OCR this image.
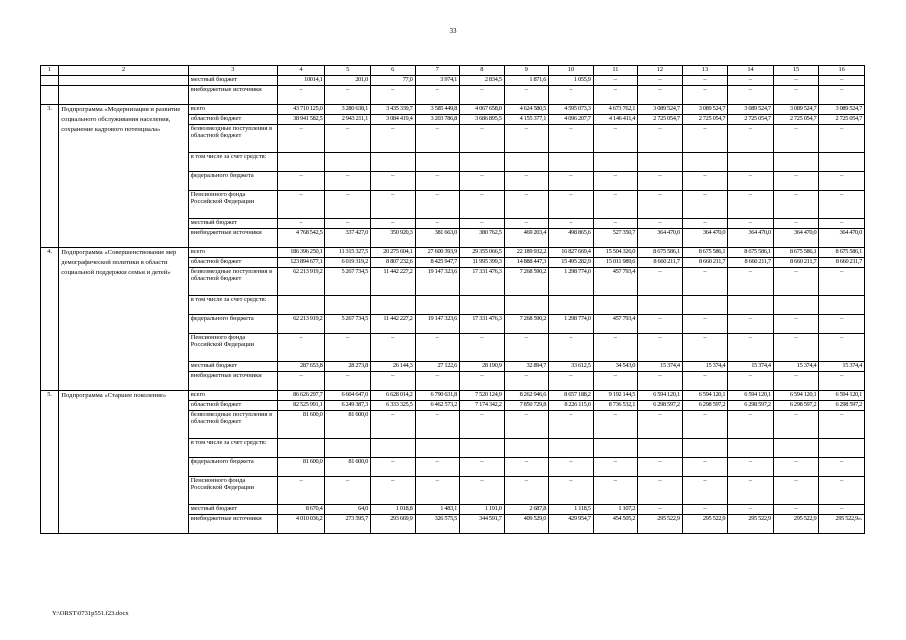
33
1	2	3	4	5	6	7	8	9	10	11	12	13	14	15	16
		местный бюджет	10014,1	201,0	77,0	3 974,1	2 834,5	1 871,6	1 055,9	–	–	–	–	–	–
		внебюджетные источники	–	–	–	–	–	–	–	–	–	–	–	–	–
3.	Подпрограмма «Модернизация и развитие социального обслуживания населения, сохранение кадрового потенциала»	всего	43 710 125,0	3 280 638,1	3 435 339,7	3 585 449,8	4 067 658,0	4 624 580,5	4 595 073,3	4 673 762,1	3 089 524,7	3 089 524,7	3 089 524,7	3 089 524,7	3 089 524,7
		областной бюджет	38 941 582,5	2 943 211,1	3 084 419,4	3 203 786,8	3 686 895,5	4 155 377,1	4 096 207,7	4 146 411,4	2 725 054,7	2 725 054,7	2 725 054,7	2 725 054,7	2 725 054,7
		безвозмездные поступления в областной бюджет	–	–	–	–	–	–	–	–	–	–	–	–	–
		в том числе за счет средств:													
		федерального бюджета	–	–	–	–	–	–	–	–	–	–	–	–	–
		Пенсионного фонда Российской Федерации	–	–	–	–	–	–	–	–	–	–	–	–	–
		местный бюджет	–	–	–	–	–	–	–	–	–	–	–	–	–
		внебюджетные источники	4 768 542,5	337 427,0	350 920,3	381 663,0	380 762,5	469 203,4	498 865,6	527 350,7	364 470,0	364 470,0	364 470,0	364 470,0	364 470,0
4.	Подпрограмма «Совершенствование мер демографической политики в области социальной поддержки семьи и детей»	всего	186 396 250,1	11 315 327,5	20 275 604,1	27 600 393,9	29 355 066,5	22 189 932,2	16 827 669,4	15 504 326,0	8 675 586,1	8 675 586,1	8 675 586,1	8 675 586,1	8 675 586,1
		областной бюджет	123 894 677,1	6 019 319,2	8 807 232,6	8 425 947,7	11 995 399,3	14 888 447,3	15 495 282,9	15 011 989,6	8 660 211,7	8 660 211,7	8 660 211,7	8 660 211,7	8 660 211,7
		безвозмездные поступления в областной бюджет	62 213 919,2	5 267 734,5	11 442 227,2	19 147 323,6	17 331 476,3	7 268 590,2	1 298 774,0	457 793,4	–	–	–	–	–
		в том числе за счет средств:													
		федерального бюджета	62 213 919,2	5 267 734,5	11 442 227,2	19 147 323,6	17 331 476,3	7 268 590,2	1 298 774,0	457 793,4	–	–	–	–	–
		Пенсионного фонда Российской Федерации	–	–	–	–	–	–	–	–	–	–	–	–	–
		местный бюджет	287 653,8	28 273,8	26 144,3	27 122,6	28 190,9	32 894,7	33 612,5	34 543,0	15 374,4	15 374,4	15 374,4	15 374,4	15 374,4
		внебюджетные источники	–	–	–	–	–	–	–	–	–	–	–	–	–
5.	Подпрограмма «Старшее поколение»	всего	86 626 297,7	6 604 647,0	6 628 014,2	6 790 631,8	7 520 124,9	8 262 946,6	8 657 188,2	9 192 144,5	6 594 120,1	6 594 120,1	6 594 120,1	6 594 120,1	6 594 120,1
		областной бюджет	82 525 991,1	6 249 387,3	6 333 325,5	6 462 573,2	7 174 342,2	7 850 729,8	8 226 115,0	8 736 532,1	6 298 597,2	6 298 597,2	6 298 597,2	6 298 597,2	6 298 597,2
		безвозмездные поступления в областной бюджет	81 600,0	81 600,0	–	–	–	–	–	–	–	–	–	–	–
		в том числе за счет средств:													
		федерального бюджета	81 600,0	81 600,0	–	–	–	–	–	–	–	–	–	–	–
		Пенсионного фонда Российской Федерации	–	–	–	–	–	–	–	–	–	–	–	–	–
		местный бюджет	8 670,4	64,0	1 018,8	1 483,1	1 191,0	2 687,8	1 118,5	1 107,2	–	–	–	–	–
		внебюджетные источники	4 010 036,2	273 595,7	293 669,9	326 575,5	344 591,7	409 529,0	429 954,7	454 505,2	295 522,9	295 522,9	295 522,9	295 522,9	295 522,9».
Y:\ORST\0731p551.f23.docx
